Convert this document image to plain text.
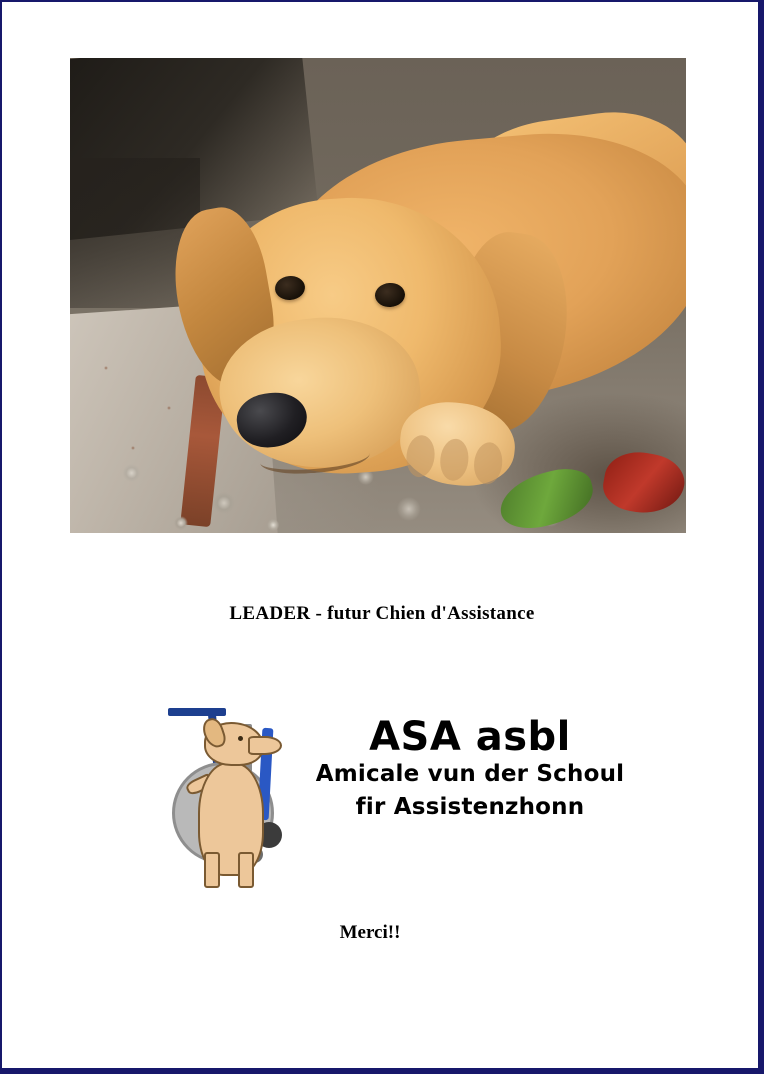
LEADER - futur Chien d'Assistance
ASA asbl
Amicale vun der Schoul
fir Assistenzhonn
Merci!!
